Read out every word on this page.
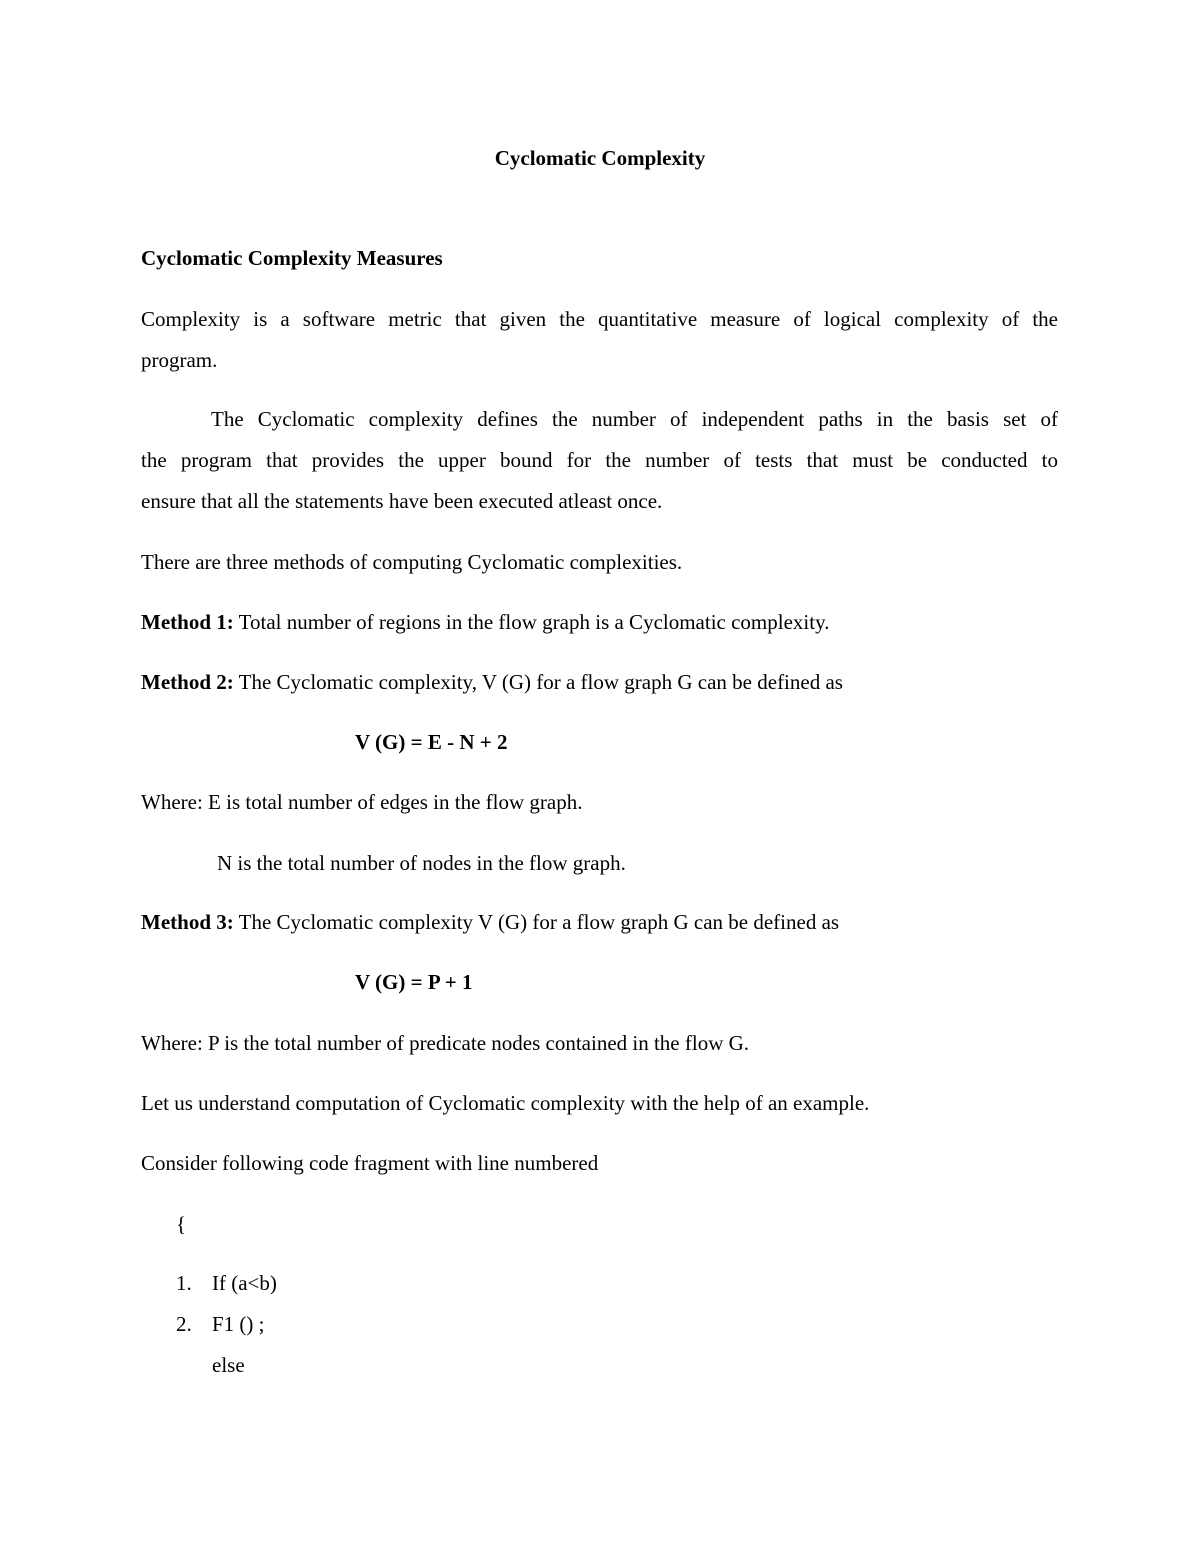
Cyclomatic Complexity
Cyclomatic Complexity Measures
Complexity is a software metric that given the quantitative measure of logical complexity of the
program.
The Cyclomatic complexity defines the number of independent paths in the basis set of
the program that provides the upper bound for the number of tests that must be conducted to
ensure that all the statements have been executed atleast once.
There are three methods of computing Cyclomatic complexities.
Method 1: Total number of regions in the flow graph is a Cyclomatic complexity.
Method 2: The Cyclomatic complexity, V (G) for a flow graph G can be defined as
V (G) = E - N + 2
Where: E is total number of edges in the flow graph.
N is the total number of nodes in the flow graph.
Method 3: The Cyclomatic complexity V (G) for a flow graph G can be defined as
V (G) = P + 1
Where: P is the total number of predicate nodes contained in the flow G.
Let us understand computation of Cyclomatic complexity with the help of an example.
Consider following code fragment with line numbered
{
1. If (a<b)
2. F1 () ;
else
